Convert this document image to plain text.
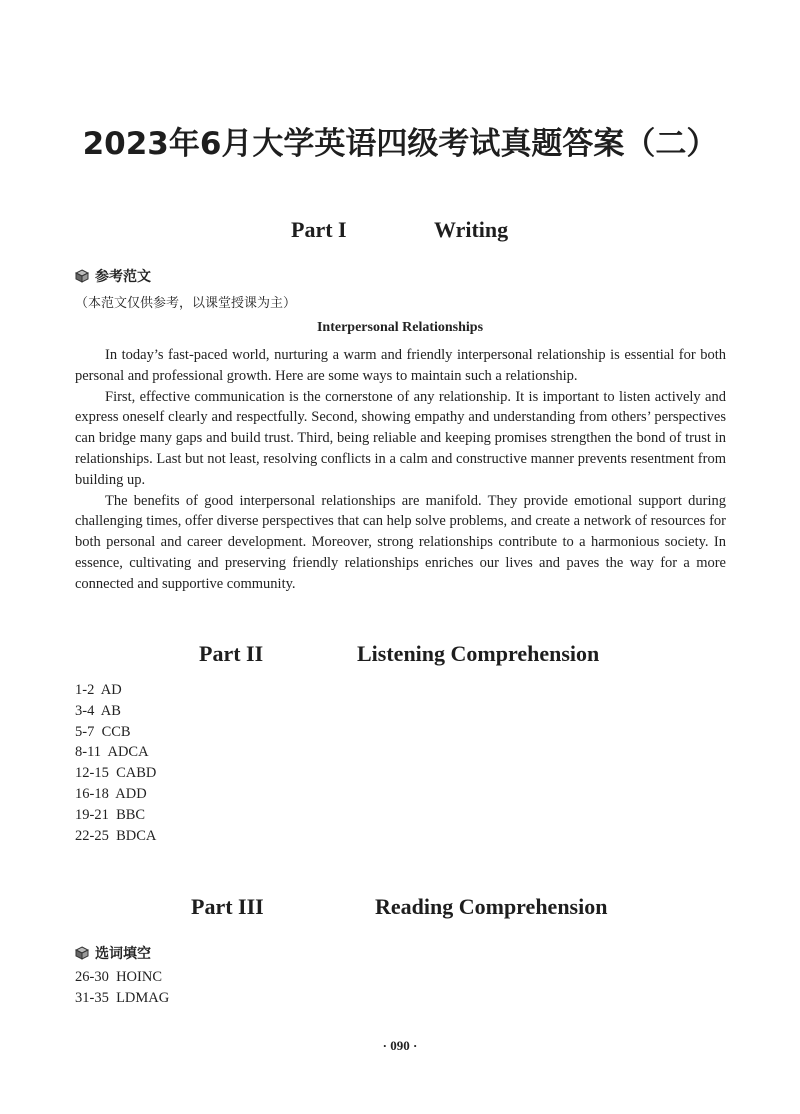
2023年6月大学英语四级考试真题答案（二）
Part I	Writing
参考范文
（本范文仅供参考，以课堂授课为主）
Interpersonal Relationships

In today’s fast-paced world, nurturing a warm and friendly interpersonal relationship is essential for both personal and professional growth. Here are some ways to maintain such a relationship.

First, effective communication is the cornerstone of any relationship. It is important to listen actively and express oneself clearly and respectfully. Second, showing empathy and understanding from others’ perspectives can bridge many gaps and build trust. Third, being reliable and keeping promises strengthen the bond of trust in relationships. Last but not least, resolving conflicts in a calm and constructive manner prevents resentment from building up.

The benefits of good interpersonal relationships are manifold. They provide emotional support during challenging times, offer diverse perspectives that can help solve problems, and create a network of resources for both personal and career development. Moreover, strong relationships contribute to a harmonious society. In essence, cultivating and preserving friendly relationships enriches our lives and paves the way for a more connected and supportive community.

Part II	Listening Comprehension
1-2  AD
3-4  AB
5-7  CCB
8-11  ADCA
12-15  CABD
16-18  ADD
19-21  BBC
22-25  BDCA
Part III	Reading Comprehension
选词填空
26-30  HOINC
31-35  LDMAG
· 090 ·
